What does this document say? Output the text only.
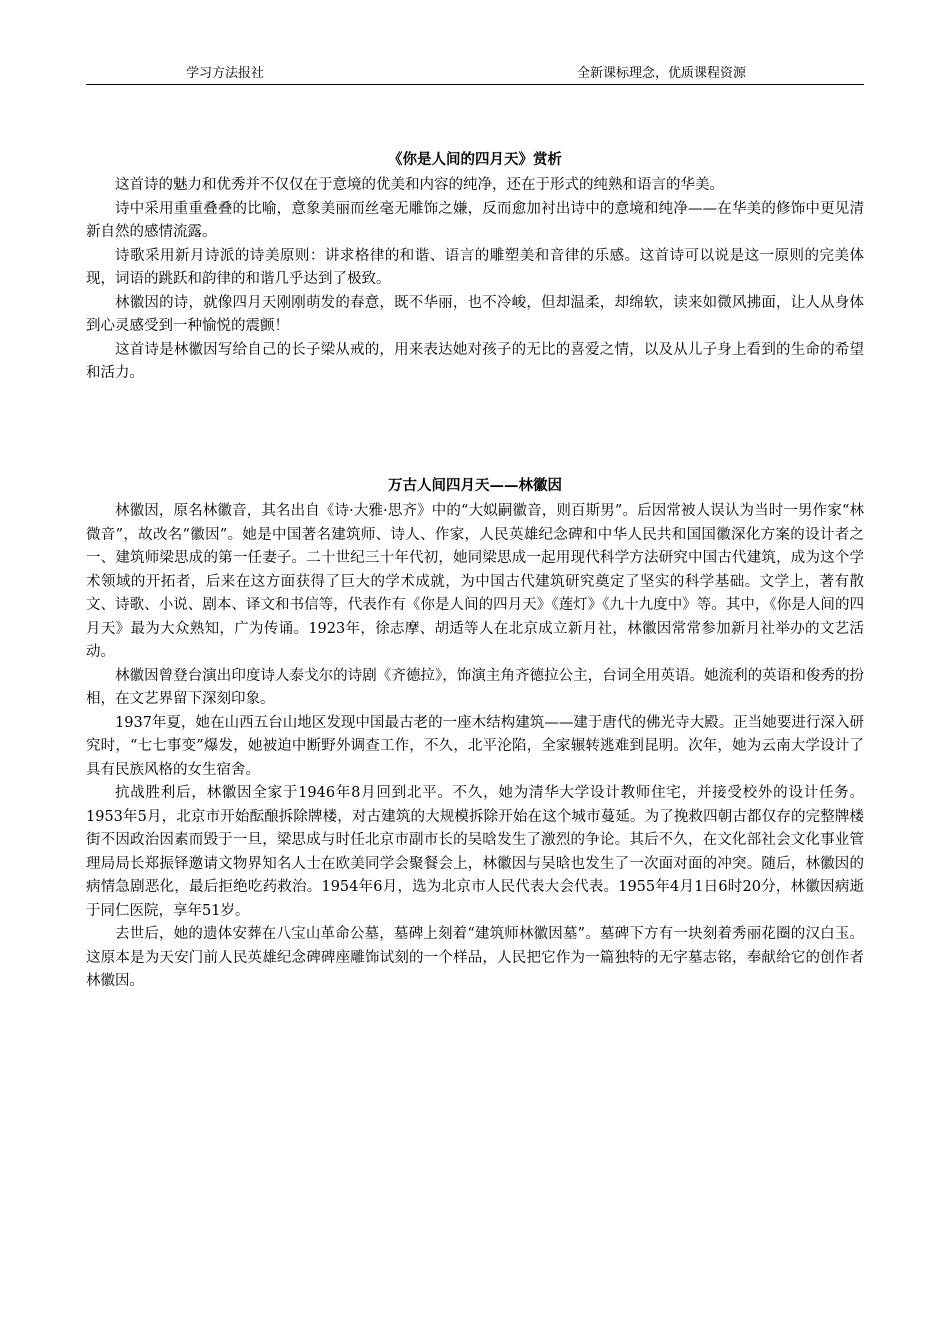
学习方法报社	全新课标理念，优质课程资源
《你是人间的四月天》赏析

这首诗的魅力和优秀并不仅仅在于意境的优美和内容的纯净，还在于形式的纯熟和语言的华美。

诗中采用重重叠叠的比喻，意象美丽而丝毫无雕饰之嫌，反而愈加衬出诗中的意境和纯净——在华美的修饰中更见清新自然的感情流露。

诗歌采用新月诗派的诗美原则：讲求格律的和谐、语言的雕塑美和音律的乐感。这首诗可以说是这一原则的完美体现，词语的跳跃和韵律的和谐几乎达到了极致。

林徽因的诗，就像四月天刚刚萌发的春意，既不华丽，也不冷峻，但却温柔，却绵软，读来如微风拂面，让人从身体到心灵感受到一种愉悦的震颤！

这首诗是林徽因写给自己的长子梁从戒的，用来表达她对孩子的无比的喜爱之情，以及从儿子身上看到的生命的希望和活力。

万古人间四月天——林徽因

林徽因，原名林徽音，其名出自《诗·大雅·思齐》中的“大姒嗣徽音，则百斯男”。后因常被人误认为当时一男作家“林微音”，故改名“徽因”。她是中国著名建筑师、诗人、作家，人民英雄纪念碑和中华人民共和国国徽深化方案的设计者之一、建筑师梁思成的第一任妻子。二十世纪三十年代初，她同梁思成一起用现代科学方法研究中国古代建筑，成为这个学术领域的开拓者，后来在这方面获得了巨大的学术成就，为中国古代建筑研究奠定了坚实的科学基础。文学上，著有散文、诗歌、小说、剧本、译文和书信等，代表作有《你是人间的四月天》《莲灯》《九十九度中》等。其中，《你是人间的四月天》最为大众熟知，广为传诵。1923年，徐志摩、胡适等人在北京成立新月社，林徽因常常参加新月社举办的文艺活动。

林徽因曾登台演出印度诗人泰戈尔的诗剧《齐德拉》，饰演主角齐德拉公主，台词全用英语。她流利的英语和俊秀的扮相，在文艺界留下深刻印象。

1937年夏，她在山西五台山地区发现中国最古老的一座木结构建筑——建于唐代的佛光寺大殿。正当她要进行深入研究时，“七七事变”爆发，她被迫中断野外调查工作，不久，北平沦陷，全家辗转逃难到昆明。次年，她为云南大学设计了具有民族风格的女生宿舍。

抗战胜利后，林徽因全家于1946年8月回到北平。不久，她为清华大学设计教师住宅，并接受校外的设计任务。1953年5月，北京市开始酝酿拆除牌楼，对古建筑的大规模拆除开始在这个城市蔓延。为了挽救四朝古都仅存的完整牌楼街不因政治因素而毁于一旦，梁思成与时任北京市副市长的吴晗发生了激烈的争论。其后不久，在文化部社会文化事业管理局局长郑振铎邀请文物界知名人士在欧美同学会聚餐会上，林徽因与吴晗也发生了一次面对面的冲突。随后，林徽因的病情急剧恶化，最后拒绝吃药救治。1954年6月，选为北京市人民代表大会代表。1955年4月1日6时20分，林徽因病逝于同仁医院，享年51岁。

去世后，她的遗体安葬在八宝山革命公墓，墓碑上刻着“建筑师林徽因墓”。墓碑下方有一块刻着秀丽花圈的汉白玉。这原本是为天安门前人民英雄纪念碑碑座雕饰试刻的一个样品，人民把它作为一篇独特的无字墓志铭，奉献给它的创作者林徽因。
